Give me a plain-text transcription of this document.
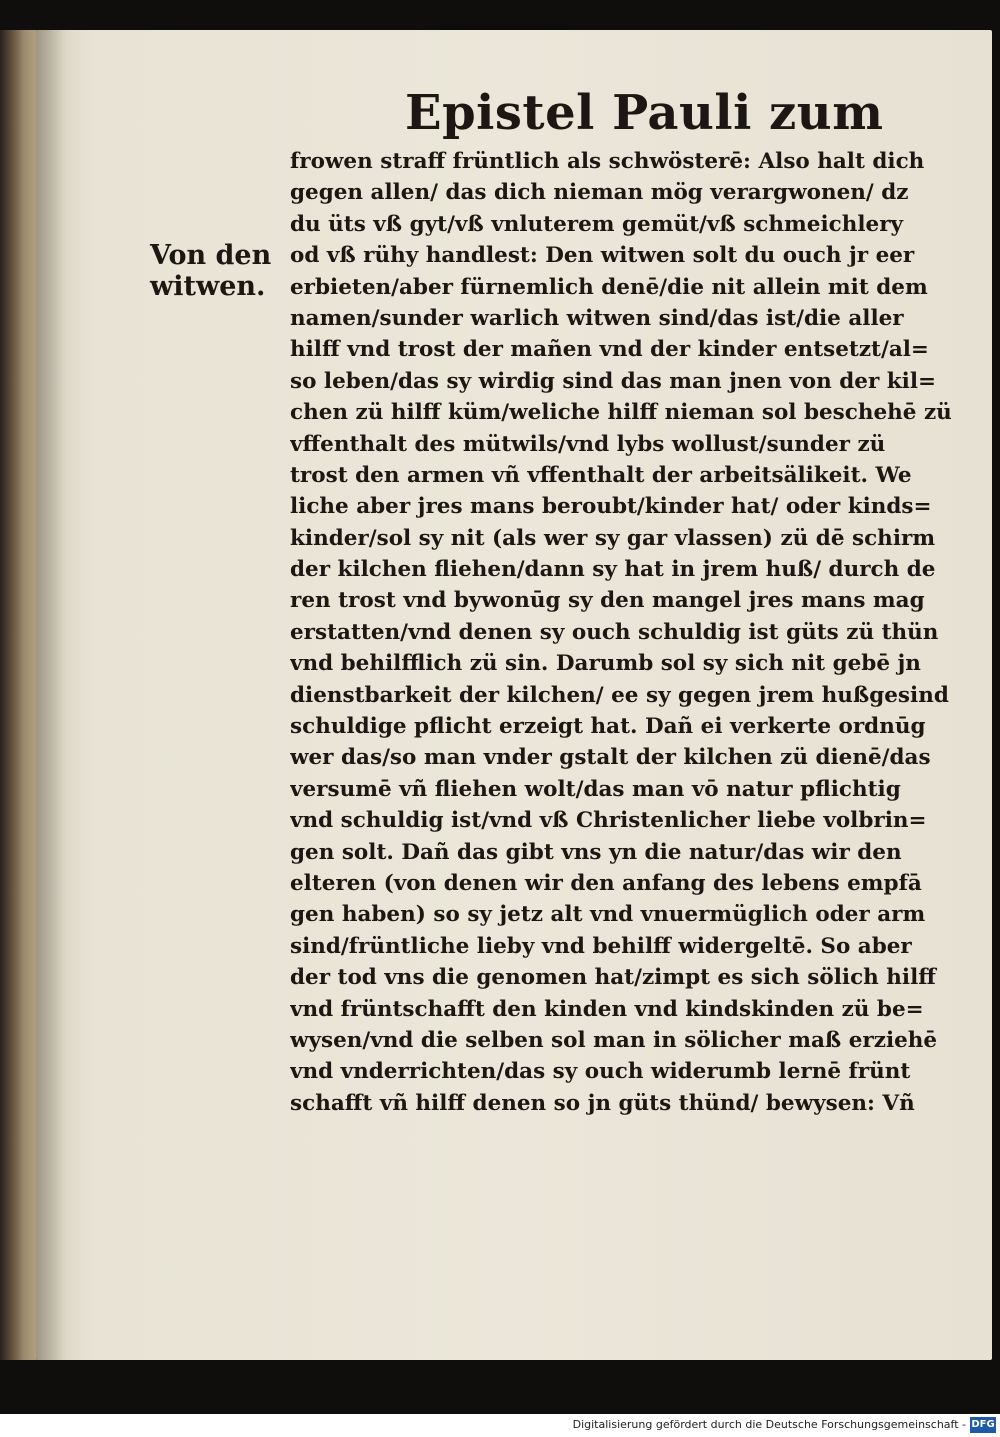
Epistel Pauli zum
Von den
witwen.
frowen straff früntlich als schwösterē: Also halt dich
gegen allen/ das dich nieman mög verargwonen/ dz
du üts vß gyt/vß vnluterem gemüt/vß schmeichlery
od vß rühy handlest: Den witwen solt du ouch jr eer
erbieten/aber fürnemlich denē/die nit allein mit dem
namen/sunder warlich witwen sind/das ist/die aller
hilff vnd trost der mañen vnd der kinder entsetzt/al=
so leben/das sy wirdig sind das man jnen von der kil=
chen zü hilff küm/weliche hilff nieman sol beschehē zü
vffenthalt des mütwils/vnd lybs wollust/sunder zü
trost den armen vñ vffenthalt der arbeitsälikeit. We
liche aber jres mans beroubt/kinder hat/ oder kinds=
kinder/sol sy nit (als wer sy gar vlassen) zü dē schirm
der kilchen fliehen/dann sy hat in jrem huß/ durch de
ren trost vnd bywonūg sy den mangel jres mans mag
erstatten/vnd denen sy ouch schuldig ist güts zü thün
vnd behilfflich zü sin. Darumb sol sy sich nit gebē jn
dienstbarkeit der kilchen/ ee sy gegen jrem hußgesind
schuldige pflicht erzeigt hat. Dañ ei verkerte ordnūg
wer das/so man vnder gstalt der kilchen zü dienē/das
versumē vñ fliehen wolt/das man vō natur pflichtig
vnd schuldig ist/vnd vß Christenlicher liebe volbrin=
gen solt. Dañ das gibt vns yn die natur/das wir den
elteren (von denen wir den anfang des lebens empfā
gen haben) so sy jetz alt vnd vnuermüglich oder arm
sind/früntliche lieby vnd behilff widergeltē. So aber
der tod vns die genomen hat/zimpt es sich sölich hilff
vnd früntschafft den kinden vnd kindskinden zü be=
wysen/vnd die selben sol man in sölicher maß erziehē
vnd vnderrichten/das sy ouch widerumb lernē frünt
schafft vñ hilff denen so jn güts thünd/ bewysen: Vñ
Digitalisierung gefördert durch die Deutsche Forschungsgemeinschaft - DFG
